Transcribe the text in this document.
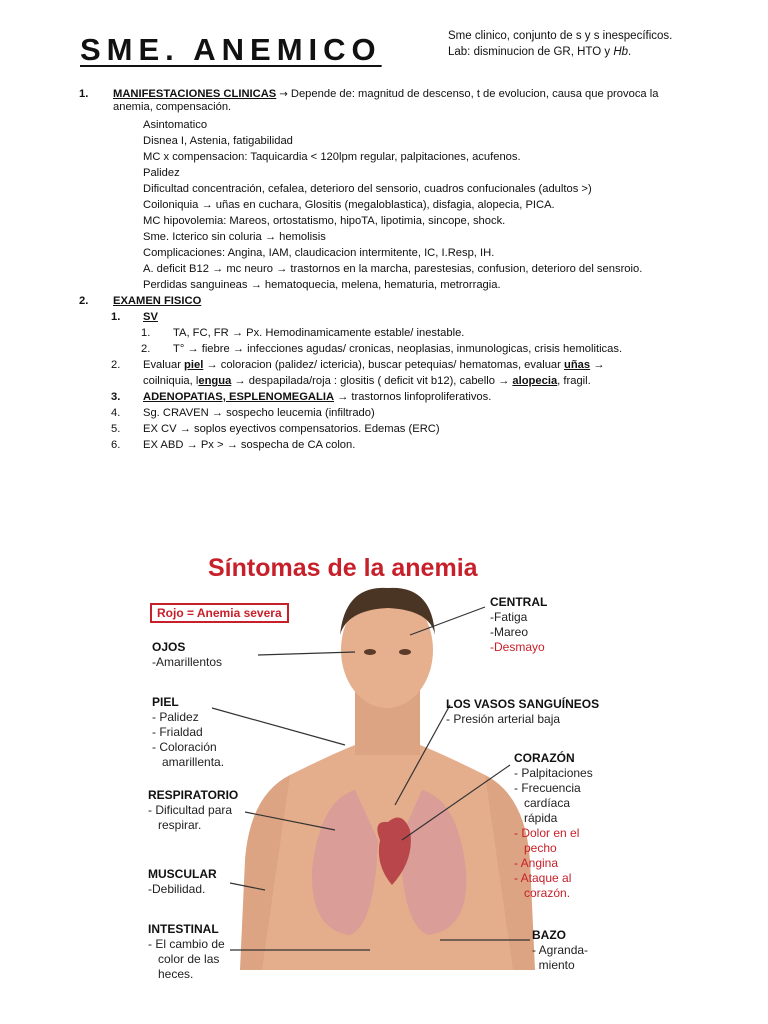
SME. ANEMICO	Sme clinico, conjunto de s y s inespecíficos.
Lab: disminucion de GR, HTO y Hb.
1. MANIFESTACIONES CLINICAS → Depende de: magnitud de descenso, t de evolucion, causa que provoca la anemia, compensación.
Asintomatico
Disnea I, Astenia, fatigabilidad
MC x compensacion: Taquicardia < 120lpm regular, palpitaciones, acufenos.
Palidez
Dificultad concentración, cefalea, deterioro del sensorio, cuadros confucionales (adultos >)
Coiloniquia → uñas en cuchara, Glositis (megaloblastica), disfagia, alopecia, PICA.
MC hipovolemia: Mareos, ortostatismo, hipoTA, lipotimia, sincope, shock.
Sme. Icterico sin coluria → hemolisis
Complicaciones: Angina, IAM, claudicacion intermitente, IC, I.Resp, IH.
A. deficit B12 → mc neuro → trastornos en la marcha, parestesias, confusion, deterioro del sensroio.
Perdidas sanguineas → hematoquecia, melena, hematuria, metrorragia.
2. EXAMEN FISICO
1. SV
1. TA, FC, FR → Px. Hemodinamicamente estable/ inestable.
2. T° → fiebre → infecciones agudas/ cronicas, neoplasias, inmunologicas, crisis hemoliticas.
2. Evaluar piel → coloracion (palidez/ ictericia), buscar petequias/ hematomas, evaluar uñas →
coilniquia, lengua → despapilada/roja : glositis ( deficit vit b12), cabello → alopecia, fragil.
3. ADENOPATIAS, ESPLENOMEGALIA → trastornos linfoproliferativos.
4. Sg. CRAVEN → sospecho leucemia (infiltrado)
5. EX CV → soplos eyectivos compensatorios. Edemas (ERC)
6. EX ABD → Px > → sospecha de CA colon.
Síntomas de la anemia
Rojo = Anemia severa
OJOS
-Amarillentos
PIEL
- Palidez
- Frialdad
- Coloración
amarillenta.
RESPIRATORIO
- Dificultad para
respirar.
MUSCULAR
-Debilidad.
INTESTINAL
- El cambio de
color de las
heces.
CENTRAL
-Fatiga
-Mareo
-Desmayo
LOS VASOS SANGUÍNEOS
- Presión arterial baja
CORAZÓN
- Palpitaciones
- Frecuencia
cardíaca
rápida
- Dolor en el
pecho
- Angina
- Ataque al
corazón.
BAZO
- Agranda-
miento
